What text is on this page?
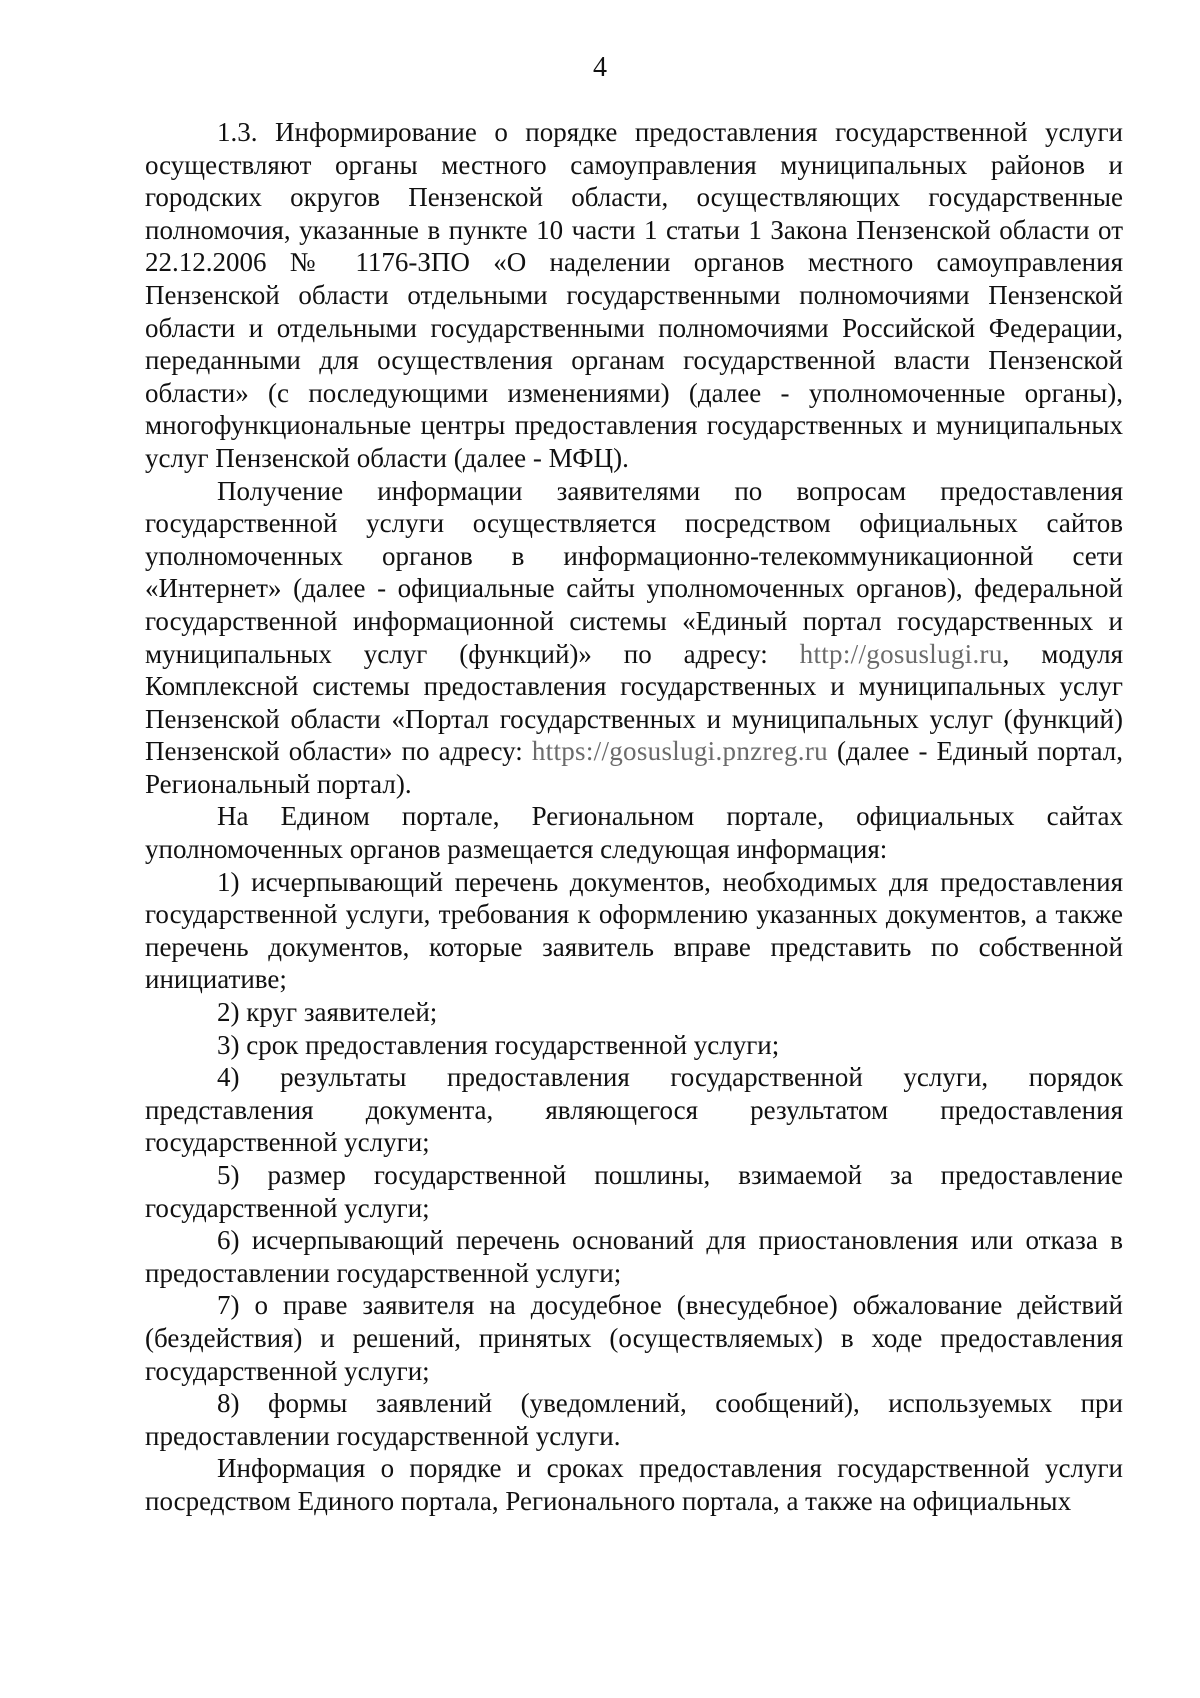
4

1.3. Информирование о порядке предоставления государственной услуги осуществляют органы местного самоуправления муниципальных районов и городских округов Пензенской области, осуществляющих государственные полномочия, указанные в пункте 10 части 1 статьи 1 Закона Пензенской области от 22.12.2006 № 1176-ЗПО «О наделении органов местного самоуправления Пензенской области отдельными государственными полномочиями Пензенской области и отдельными государственными полномочиями Российской Федерации, переданными для осуществления органам государственной власти Пензенской области» (с последующими изменениями) (далее - уполномоченные органы), многофункциональные центры предоставления государственных и муниципальных услуг Пензенской области (далее - МФЦ).

Получение информации заявителями по вопросам предоставления государственной услуги осуществляется посредством официальных сайтов уполномоченных органов в информационно-телекоммуникационной сети «Интернет» (далее - официальные сайты уполномоченных органов), федеральной государственной информационной системы «Единый портал государственных и муниципальных услуг (функций)» по адресу: http://gosuslugi.ru, модуля Комплексной системы предоставления государственных и муниципальных услуг Пензенской области «Портал государственных и муниципальных услуг (функций) Пензенской области» по адресу: https://gosuslugi.pnzreg.ru (далее - Единый портал, Региональный портал).

На Едином портале, Региональном портале, официальных сайтах уполномоченных органов размещается следующая информация:

1) исчерпывающий перечень документов, необходимых для предоставления государственной услуги, требования к оформлению указанных документов, а также перечень документов, которые заявитель вправе представить по собственной инициативе;

2) круг заявителей;

3) срок предоставления государственной услуги;

4) результаты предоставления государственной услуги, порядок представления документа, являющегося результатом предоставления государственной услуги;

5) размер государственной пошлины, взимаемой за предоставление государственной услуги;

6) исчерпывающий перечень оснований для приостановления или отказа в предоставлении государственной услуги;

7) о праве заявителя на досудебное (внесудебное) обжалование действий (бездействия) и решений, принятых (осуществляемых) в ходе предоставления государственной услуги;

8) формы заявлений (уведомлений, сообщений), используемых при предоставлении государственной услуги.

Информация о порядке и сроках предоставления государственной услуги посредством Единого портала, Регионального портала, а также на официальных
